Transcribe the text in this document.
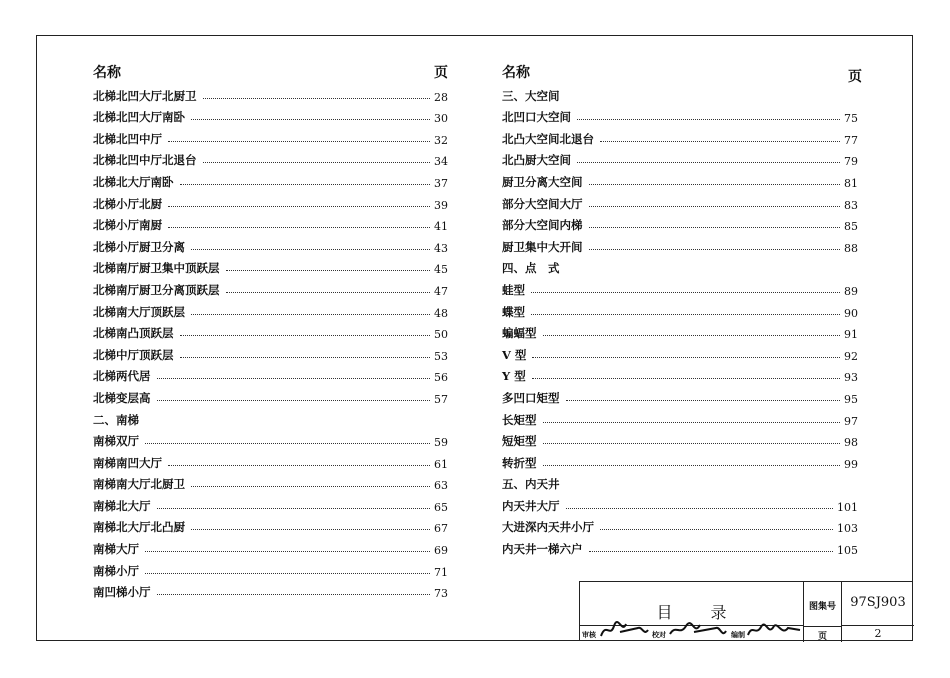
名称	页
北梯北凹大厅北厨卫	28
北梯北凹大厅南卧	30
北梯北凹中厅	32
北梯北凹中厅北退台	34
北梯北大厅南卧	37
北梯小厅北厨	39
北梯小厅南厨	41
北梯小厅厨卫分离	43
北梯南厅厨卫集中顶跃层	45
北梯南厅厨卫分离顶跃层	47
北梯南大厅顶跃层	48
北梯南凸顶跃层	50
北梯中厅顶跃层	53
北梯两代居	56
北梯变层高	57
二、南梯
南梯双厅	59
南梯南凹大厅	61
南梯南大厅北厨卫	63
南梯北大厅	65
南梯北大厅北凸厨	67
南梯大厅	69
南梯小厅	71
南凹梯小厅	73
名称	页
三、大空间
北凹口大空间	75
北凸大空间北退台	77
北凸厨大空间	79
厨卫分离大空间	81
部分大空间大厅	83
部分大空间内梯	85
厨卫集中大开间	88
四、点　式
蛙型	89
蝶型	90
蝙蝠型	91
V 型	92
Y 型	93
多凹口矩型	95
长矩型	97
短矩型	98
转折型	99
五、内天井
内天井大厅	101
大进深内天井小厅	103
内天井一梯六户	105
目录	图集号	97SJ903
页	2
审核	校对	编制
